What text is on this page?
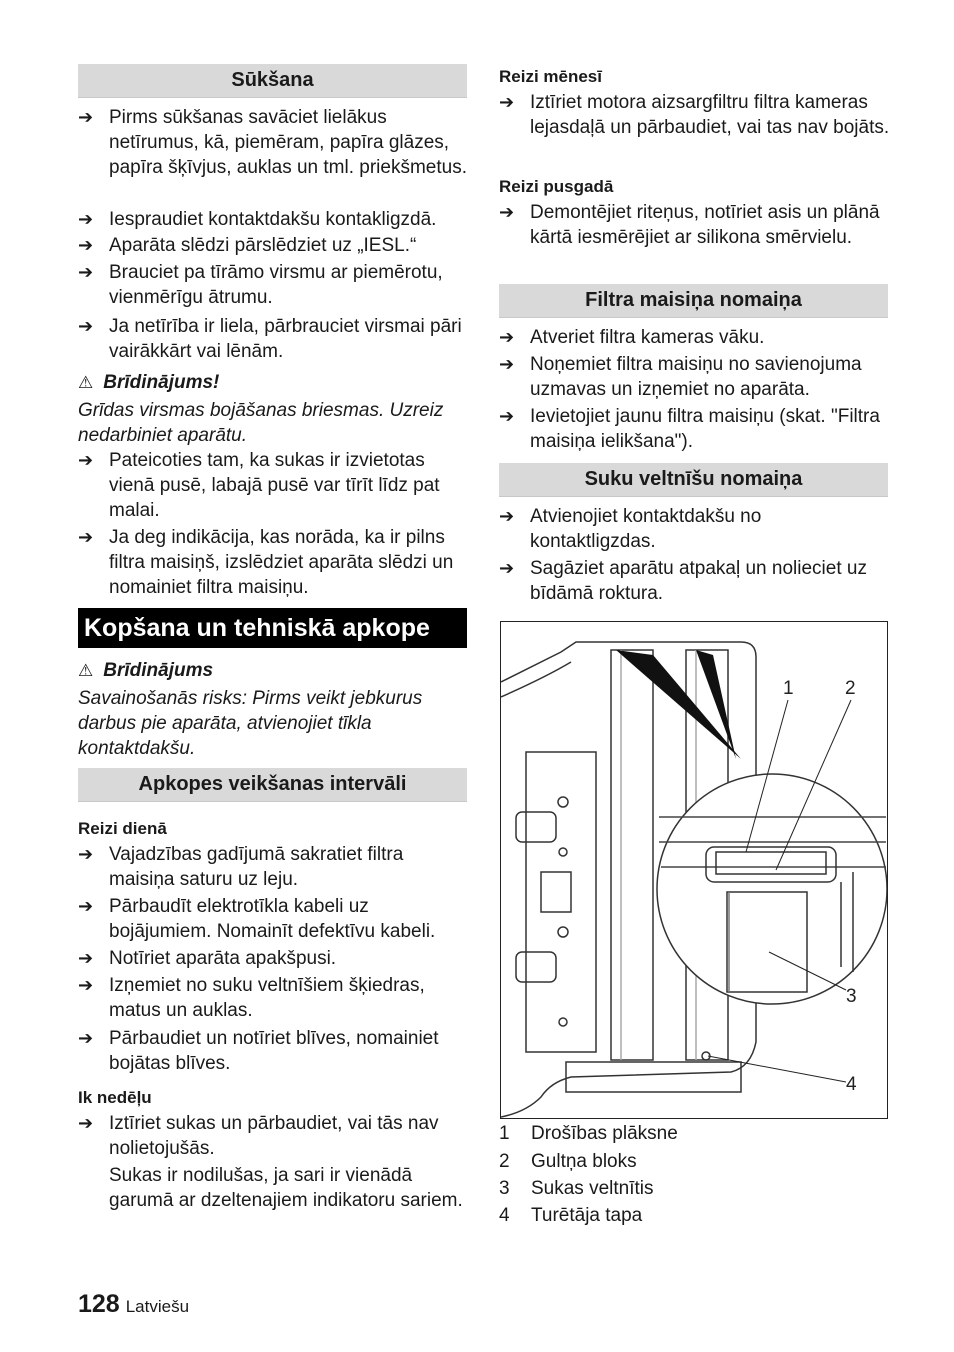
Sūkšana
➔ Pirms sūkšanas savāciet lielākus netīrumus, kā, piemēram, papīra glāzes, papīra šķīvjus, auklas un tml. priekšmetus.
➔ Iespraudiet kontaktdakšu kontakligzdā.
➔ Aparāta slēdzi pārslēdziet uz „IESL.“
➔ Brauciet pa tīrāmo virsmu ar piemērotu, vienmērīgu ātrumu.
➔ Ja netīrība ir liela, pārbrauciet virsmai pāri vairākkārt vai lēnām.
⚠ Brīdinājums!
Grīdas virsmas bojāšanas briesmas. Uzreiz nedarbiniet aparātu.
➔ Pateicoties tam, ka sukas ir izvietotas vienā pusē, labajā pusē var tīrīt līdz pat malai.
➔ Ja deg indikācija, kas norāda, ka ir pilns filtra maisiņš, izslēdziet aparāta slēdzi un nomainiet filtra maisiņu.
Kopšana un tehniskā apkope
⚠ Brīdinājums
Savainošanās risks: Pirms veikt jebkurus darbus pie aparāta, atvienojiet tīkla kontaktdakšu.
Apkopes veikšanas intervāli
Reizi dienā
➔ Vajadzības gadījumā sakratiet filtra maisiņa saturu uz leju.
➔ Pārbaudīt elektrotīkla kabeli uz bojājumiem. Nomainīt defektīvu kabeli.
➔ Notīriet aparāta apakšpusi.
➔ Izņemiet no suku veltnīšiem šķiedras, matus un auklas.
➔ Pārbaudiet un notīriet blīves, nomainiet bojātas blīves.
Ik nedēļu
➔ Iztīriet sukas un pārbaudiet, vai tās nav nolietojušās.
Sukas ir nodilušas, ja sari ir vienādā garumā ar dzeltenajiem indikatoru sariem.
Reizi mēnesī
➔ Iztīriet motora aizsargfiltru filtra kameras lejasdaļā un pārbaudiet, vai tas nav bojāts.
Reizi pusgadā
➔ Demontējiet riteņus, notīriet asis un plānā kārtā iesmērējiet ar silikona smērvielu.
Filtra maisiņa nomaiņa
➔ Atveriet filtra kameras vāku.
➔ Noņemiet filtra maisiņu no savienojuma uzmavas un izņemiet no aparāta.
➔ Ievietojiet jaunu filtra maisiņu (skat. "Filtra maisiņa ielikšana").
Suku veltnīšu nomaiņa
➔ Atvienojiet kontaktdakšu no kontaktligzdas.
➔ Sagāziet aparātu atpakaļ un nolieciet uz bīdāmā roktura.
1	2
3
4
1 Drošības plāksne
2 Gultņa bloks
3 Sukas veltnītis
4 Turētāja tapa
128 Latviešu
